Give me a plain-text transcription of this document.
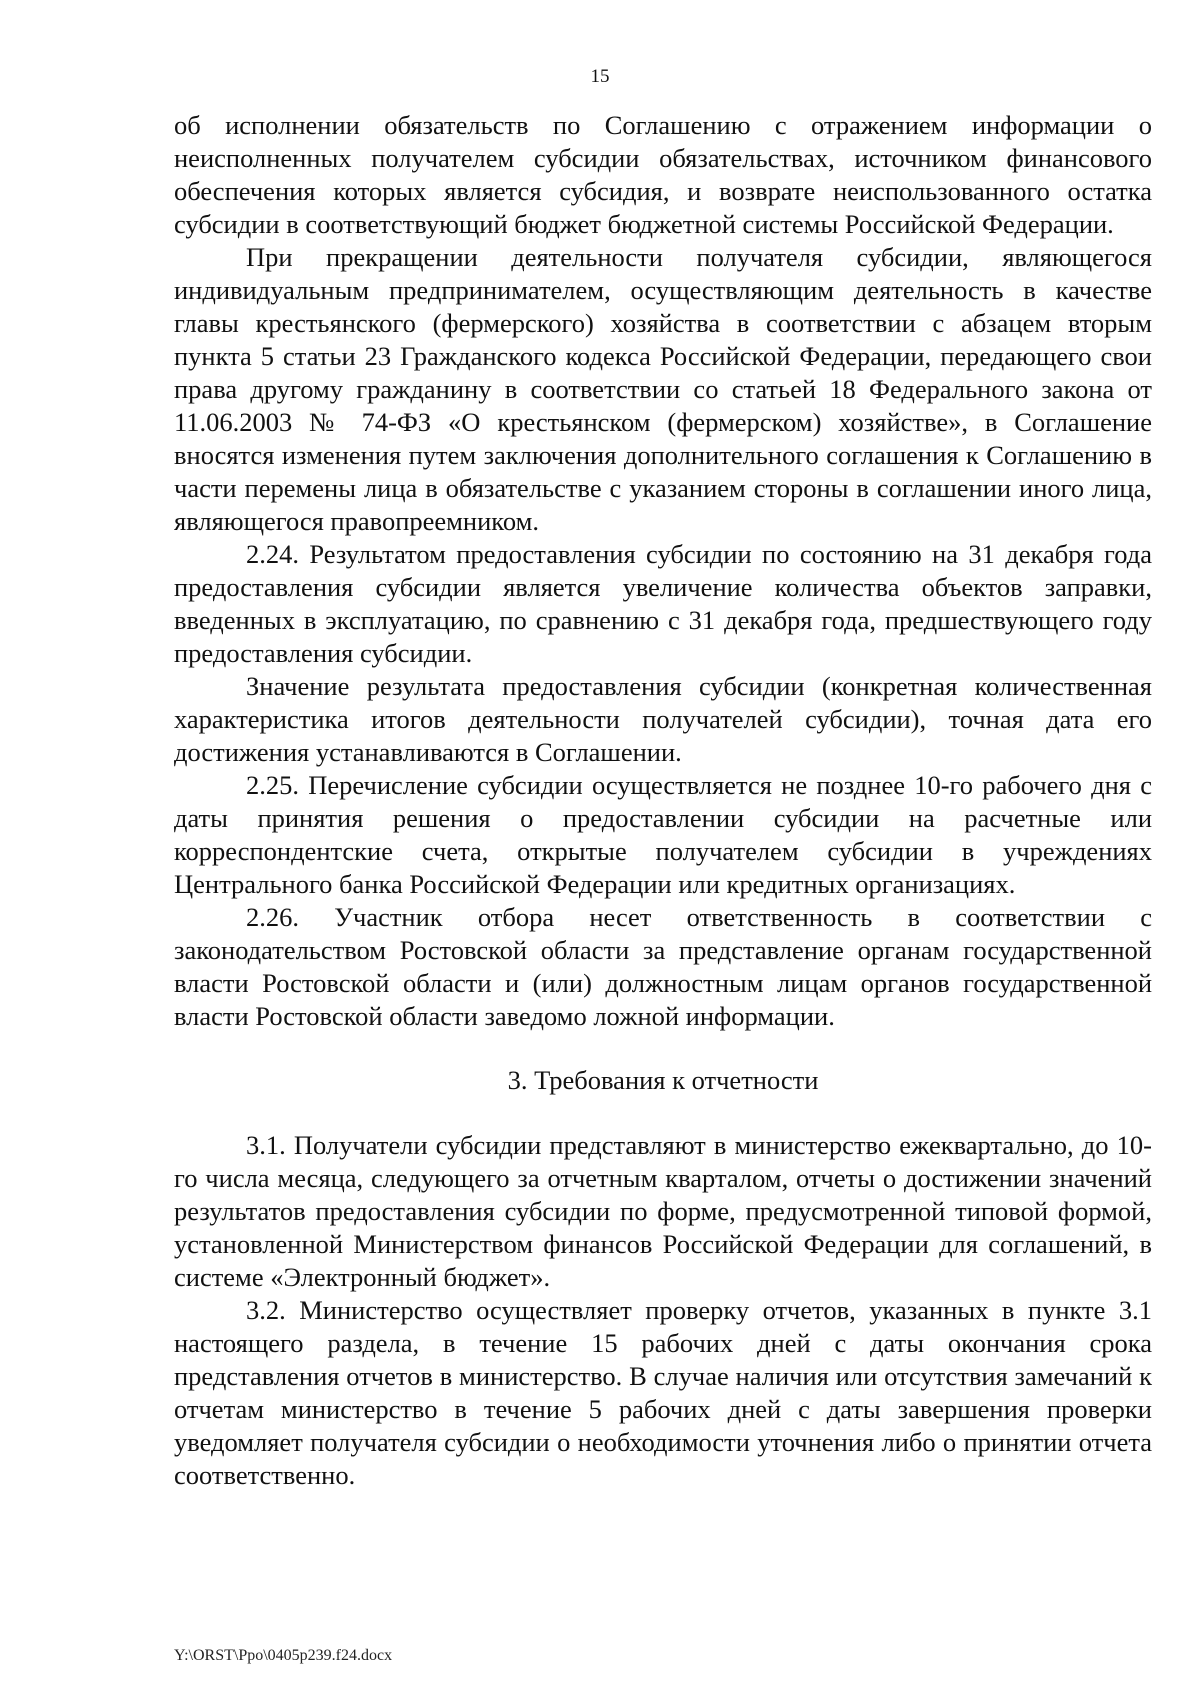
15

об исполнении обязательств по Соглашению с отражением информации о неисполненных получателем субсидии обязательствах, источником финансового обеспечения которых является субсидия, и возврате неиспользованного остатка субсидии в соответствующий бюджет бюджетной системы Российской Федерации.

При прекращении деятельности получателя субсидии, являющегося индивидуальным предпринимателем, осуществляющим деятельность в качестве главы крестьянского (фермерского) хозяйства в соответствии с абзацем вторым пункта 5 статьи 23 Гражданского кодекса Российской Федерации, передающего свои права другому гражданину в соответствии со статьей 18 Федерального закона от 11.06.2003 № 74-ФЗ «О крестьянском (фермерском) хозяйстве», в Соглашение вносятся изменения путем заключения дополнительного соглашения к Соглашению в части перемены лица в обязательстве с указанием стороны в соглашении иного лица, являющегося правопреемником.

2.24. Результатом предоставления субсидии по состоянию на 31 декабря года предоставления субсидии является увеличение количества объектов заправки, введенных в эксплуатацию, по сравнению с 31 декабря года, предшествующего году предоставления субсидии.

Значение результата предоставления субсидии (конкретная количественная характеристика итогов деятельности получателей субсидии), точная дата его достижения устанавливаются в Соглашении.

2.25. Перечисление субсидии осуществляется не позднее 10-го рабочего дня с даты принятия решения о предоставлении субсидии на расчетные или корреспондентские счета, открытые получателем субсидии в учреждениях Центрального банка Российской Федерации или кредитных организациях.

2.26. Участник отбора несет ответственность в соответствии с законодательством Ростовской области за представление органам государственной власти Ростовской области и (или) должностным лицам органов государственной власти Ростовской области заведомо ложной информации.

3. Требования к отчетности

3.1. Получатели субсидии представляют в министерство ежеквартально, до 10-го числа месяца, следующего за отчетным кварталом, отчеты о достижении значений результатов предоставления субсидии по форме, предусмотренной типовой формой, установленной Министерством финансов Российской Федерации для соглашений, в системе «Электронный бюджет».

3.2. Министерство осуществляет проверку отчетов, указанных в пункте 3.1 настоящего раздела, в течение 15 рабочих дней с даты окончания срока представления отчетов в министерство. В случае наличия или отсутствия замечаний к отчетам министерство в течение 5 рабочих дней с даты завершения проверки уведомляет получателя субсидии о необходимости уточнения либо о принятии отчета соответственно.

Y:\ORST\Ppo\0405p239.f24.docx
